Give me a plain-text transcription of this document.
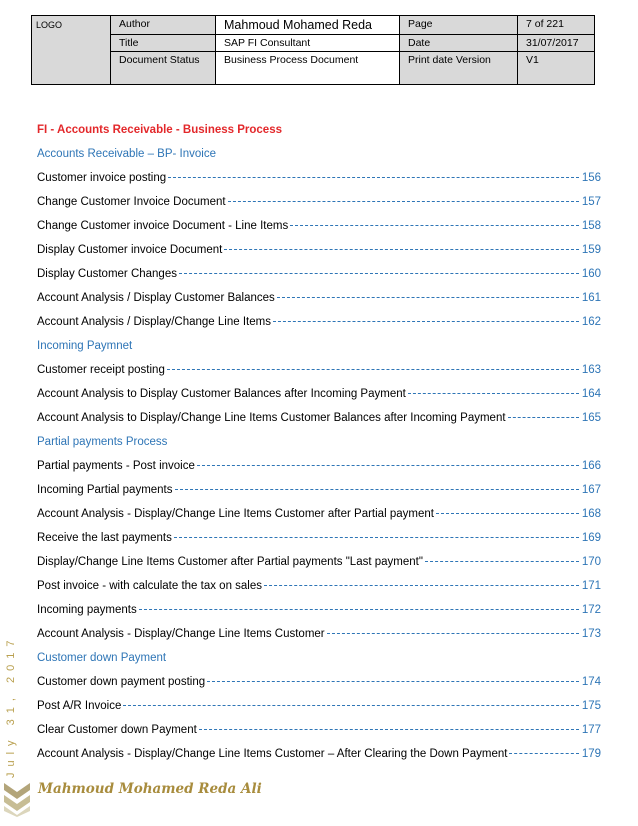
LOGO	Author	Mahmoud Mohamed Reda	Page	7 of 221
	Title	SAP FI Consultant	Date	31/07/2017
	Document Status	Business Process Document	Print date Version	V1
FI - Accounts Receivable - Business Process
Accounts Receivable – BP- Invoice
Customer invoice posting	156
Change Customer Invoice Document	157
Change Customer invoice Document - Line Items	158
Display Customer invoice Document	159
Display Customer Changes	160
Account Analysis / Display Customer Balances	161
Account Analysis / Display/Change Line Items	162
Incoming Paymnet
Customer receipt posting	163
Account Analysis to Display Customer Balances after Incoming Payment	164
Account Analysis to Display/Change Line Items Customer Balances after Incoming Payment	165
Partial payments Process
Partial payments - Post invoice	166
Incoming Partial payments	167
Account Analysis - Display/Change Line Items Customer after Partial payment	168
Receive the last payments	169
Display/Change Line Items Customer after Partial payments "Last payment"	170
Post invoice - with calculate the tax on sales	171
Incoming payments	172
Account Analysis - Display/Change Line Items Customer	173
Customer down Payment
Customer down payment posting	174
Post A/R Invoice	175
Clear Customer down Payment	177
Account Analysis - Display/Change Line Items Customer – After Clearing the Down Payment	179
July 31, 2017
Mahmoud Mohamed Reda Ali
